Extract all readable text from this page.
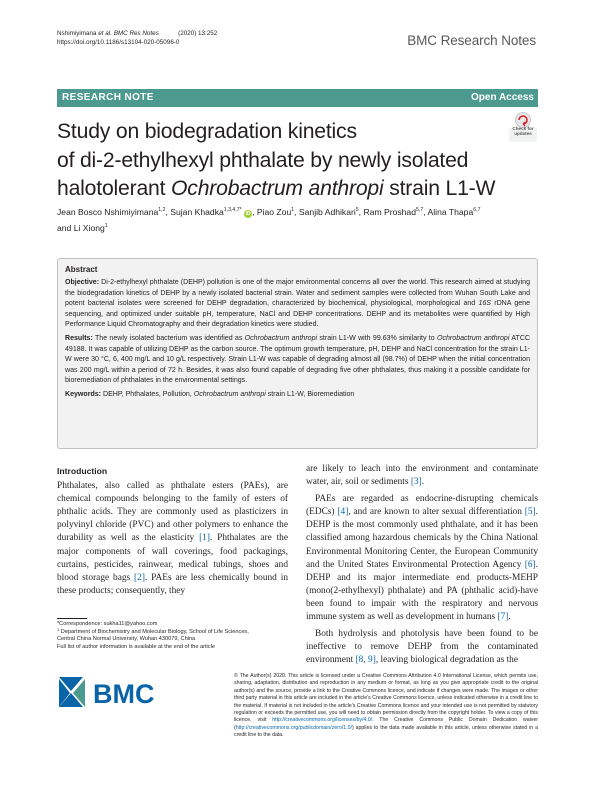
Nshimiyimana et al. BMC Res Notes	(2020) 13:252
https://doi.org/10.1186/s13104-020-05096-0	BMC Research Notes
RESEARCH NOTE	Open Access
Study on biodegradation kinetics
of di-2-ethylhexyl phthalate by newly isolated
halotolerant Ochrobactrum anthropi strain L1-W
Check for
updates
Jean Bosco Nshimiyimana$^{1,2}$, Sujan Khadka$^{1,3,4,7*}$ iD , Piao Zou$^1$, Sanjib Adhikari$^5$, Ram Proshad$^{5,7}$, Alina Thapa$^{6,7}$
and Li Xiong$^1$
Abstract

Objective: Di-2-ethylhexyl phthalate (DEHP) pollution is one of the major environmental concerns all over the world. This research aimed at studying the biodegradation kinetics of DEHP by a newly isolated bacterial strain. Water and sediment samples were collected from Wuhan South Lake and potent bacterial isolates were screened for DEHP degradation, characterized by biochemical, physiological, morphological and 16S rDNA gene sequencing, and optimized under suitable pH, temperature, NaCl and DEHP concentrations. DEHP and its metabolites were quantified by High Performance Liquid Chromatography and their degradation kinetics were studied.

Results: The newly isolated bacterium was identified as Ochrobactrum anthropi strain L1-W with 99.63% similarity to Ochrobactrum anthropi ATCC 49188. It was capable of utilizing DEHP as the carbon source. The optimum growth temperature, pH, DEHP and NaCl concentration for the strain L1-W were 30 °C, 6, 400 mg/L and 10 g/L respectively. Strain L1-W was capable of degrading almost all (98.7%) of DEHP when the initial concentration was 200 mg/L within a period of 72 h. Besides, it was also found capable of degrading five other phthalates, thus making it a possible candidate for bioremediation of phthalates in the environmental settings.

Keywords: DEHP, Phthalates, Pollution, Ochrobactrum anthropi strain L1-W, Bioremediation

Introduction

Phthalates, also called as phthalate esters (PAEs), are chemical compounds belonging to the family of esters of phthalic acids. They are commonly used as plasticizers in polyvinyl chloride (PVC) and other polymers to enhance the durability as well as the elasticity [1]. Phthalates are the major components of wall coverings, food packagings, curtains, pesticides, rainwear, medical tubings, shoes and blood storage bags [2]. PAEs are less chemically bound in these products; consequently, they

are likely to leach into the environment and contaminate water, air, soil or sediments [3].

PAEs are regarded as endocrine-disrupting chemicals (EDCs) [4], and are known to alter sexual differentiation [5]. DEHP is the most commonly used phthalate, and it has been classified among hazardous chemicals by the China National Environmental Monitoring Center, the European Community and the United States Environmental Protection Agency [6]. DEHP and its major intermediate end products-MEHP (mono(2-ethylhexyl) phthalate) and PA (phthalic acid)-have been found to impair with the respiratory and nervous immune system as well as development in humans [7].

Both hydrolysis and photolysis have been found to be ineffective to remove DEHP from the contaminated environment [8, 9], leaving biological degradation as the

*Correspondence: sukha11@yahoo.com

$^1$ Department of Biochemistry and Molecular Biology, School of Life Sciences, Central China Normal University, Wuhan 430079, China

Full list of author information is available at the end of the article

BMC
© The Author(s) 2020. This article is licensed under a Creative Commons Attribution 4.0 International License, which permits use, sharing, adaptation, distribution and reproduction in any medium or format, as long as you give appropriate credit to the original author(s) and the source, provide a link to the Creative Commons licence, and indicate if changes were made. The images or other third party material in this article are included in the article's Creative Commons licence, unless indicated otherwise in a credit line to the material. If material is not included in the article's Creative Commons licence and your intended use is not permitted by statutory regulation or exceeds the permitted use, you will need to obtain permission directly from the copyright holder. To view a copy of this licence, visit http://creativecommons.org/licenses/by/4.0/. The Creative Commons Public Domain Dedication waiver (http://creativecommons.org/publicdomain/zero/1.0/) applies to the data made available in this article, unless otherwise stated in a credit line to the data.
